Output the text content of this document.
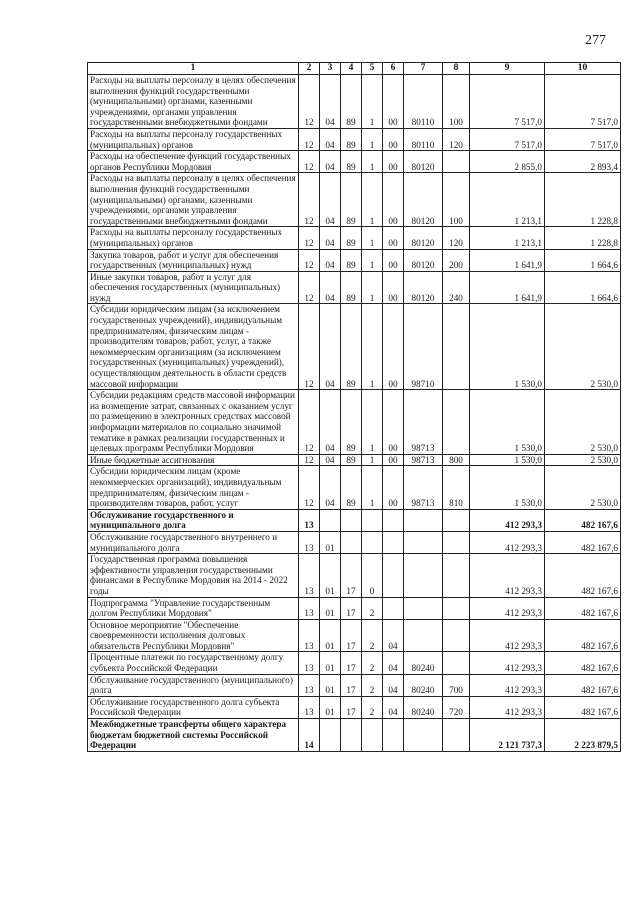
277
1	2	3	4	5	6	7	8	9	10
Расходы на выплаты персоналу в целях обеспечения выполнения функций государственными (муниципальными) органами, казенными учреждениями, органами управления государственными внебюджетными фондами	12	04	89	1	00	80110	100	7 517,0	7 517,0
Расходы на выплаты персоналу государственных (муниципальных) органов	12	04	89	1	00	80110	120	7 517,0	7 517,0
Расходы на обеспечение функций государственных органов Республики Мордовия	12	04	89	1	00	80120		2 855,0	2 893,4
Расходы на выплаты персоналу в целях обеспечения выполнения функций государственными (муниципальными) органами, казенными учреждениями, органами управления государственными внебюджетными фондами	12	04	89	1	00	80120	100	1 213,1	1 228,8
Расходы на выплаты персоналу государственных (муниципальных) органов	12	04	89	1	00	80120	120	1 213,1	1 228,8
Закупка товаров, работ и услуг для обеспечения государственных (муниципальных) нужд	12	04	89	1	00	80120	200	1 641,9	1 664,6
Иные закупки товаров, работ и услуг для обеспечения государственных (муниципальных) нужд	12	04	89	1	00	80120	240	1 641,9	1 664,6
Субсидии юридическим лицам (за исключением государственных учреждений), индивидуальным предпринимателям, физическим лицам - производителям товаров, работ, услуг, а также некоммерческим организациям (за исключением государственных (муниципальных) учреждений), осуществляющим деятельность в области средств массовой информации	12	04	89	1	00	98710		1 530,0	2 530,0
Субсидии редакциям средств массовой информации на возмещение затрат, связанных с оказанием услуг по размещению в электронных средствах массовой информации материалов по социально значимой тематике в рамках реализации государственных и целевых программ Республики Мордовия	12	04	89	1	00	98713		1 530,0	2 530,0
Иные бюджетные ассигнования	12	04	89	1	00	98713	800	1 530,0	2 530,0
Субсидии юридическим лицам (кроме некоммерческих организаций), индивидуальным предпринимателям, физическим лицам - производителям товаров, работ, услуг	12	04	89	1	00	98713	810	1 530,0	2 530,0
Обслуживание государственного и муниципального долга	13							412 293,3	482 167,6
Обслуживание государственного внутреннего и муниципального долга	13	01						412 293,3	482 167,6
Государственная программа повышения эффективности управления государственными финансами в Республике Мордовия на 2014 - 2022 годы	13	01	17	0				412 293,3	482 167,6
Подпрограмма "Управление государственным долгом Республики Мордовия"	13	01	17	2				412 293,3	482 167,6
Основное мероприятие "Обеспечение своевременности исполнения долговых обязательств Республики Мордовия"	13	01	17	2	04			412 293,3	482 167,6
Процентные платежи по государственному долгу субъекта Российской Федерации	13	01	17	2	04	80240		412 293,3	482 167,6
Обслуживание государственного (муниципального) долга	13	01	17	2	04	80240	700	412 293,3	482 167,6
Обслуживание государственного долга субъекта Российской Федерации	13	01	17	2	04	80240	720	412 293,3	482 167,6
Межбюджетные трансферты общего характера бюджетам бюджетной системы Российской Федерации	14							2 121 737,3	2 223 879,5
